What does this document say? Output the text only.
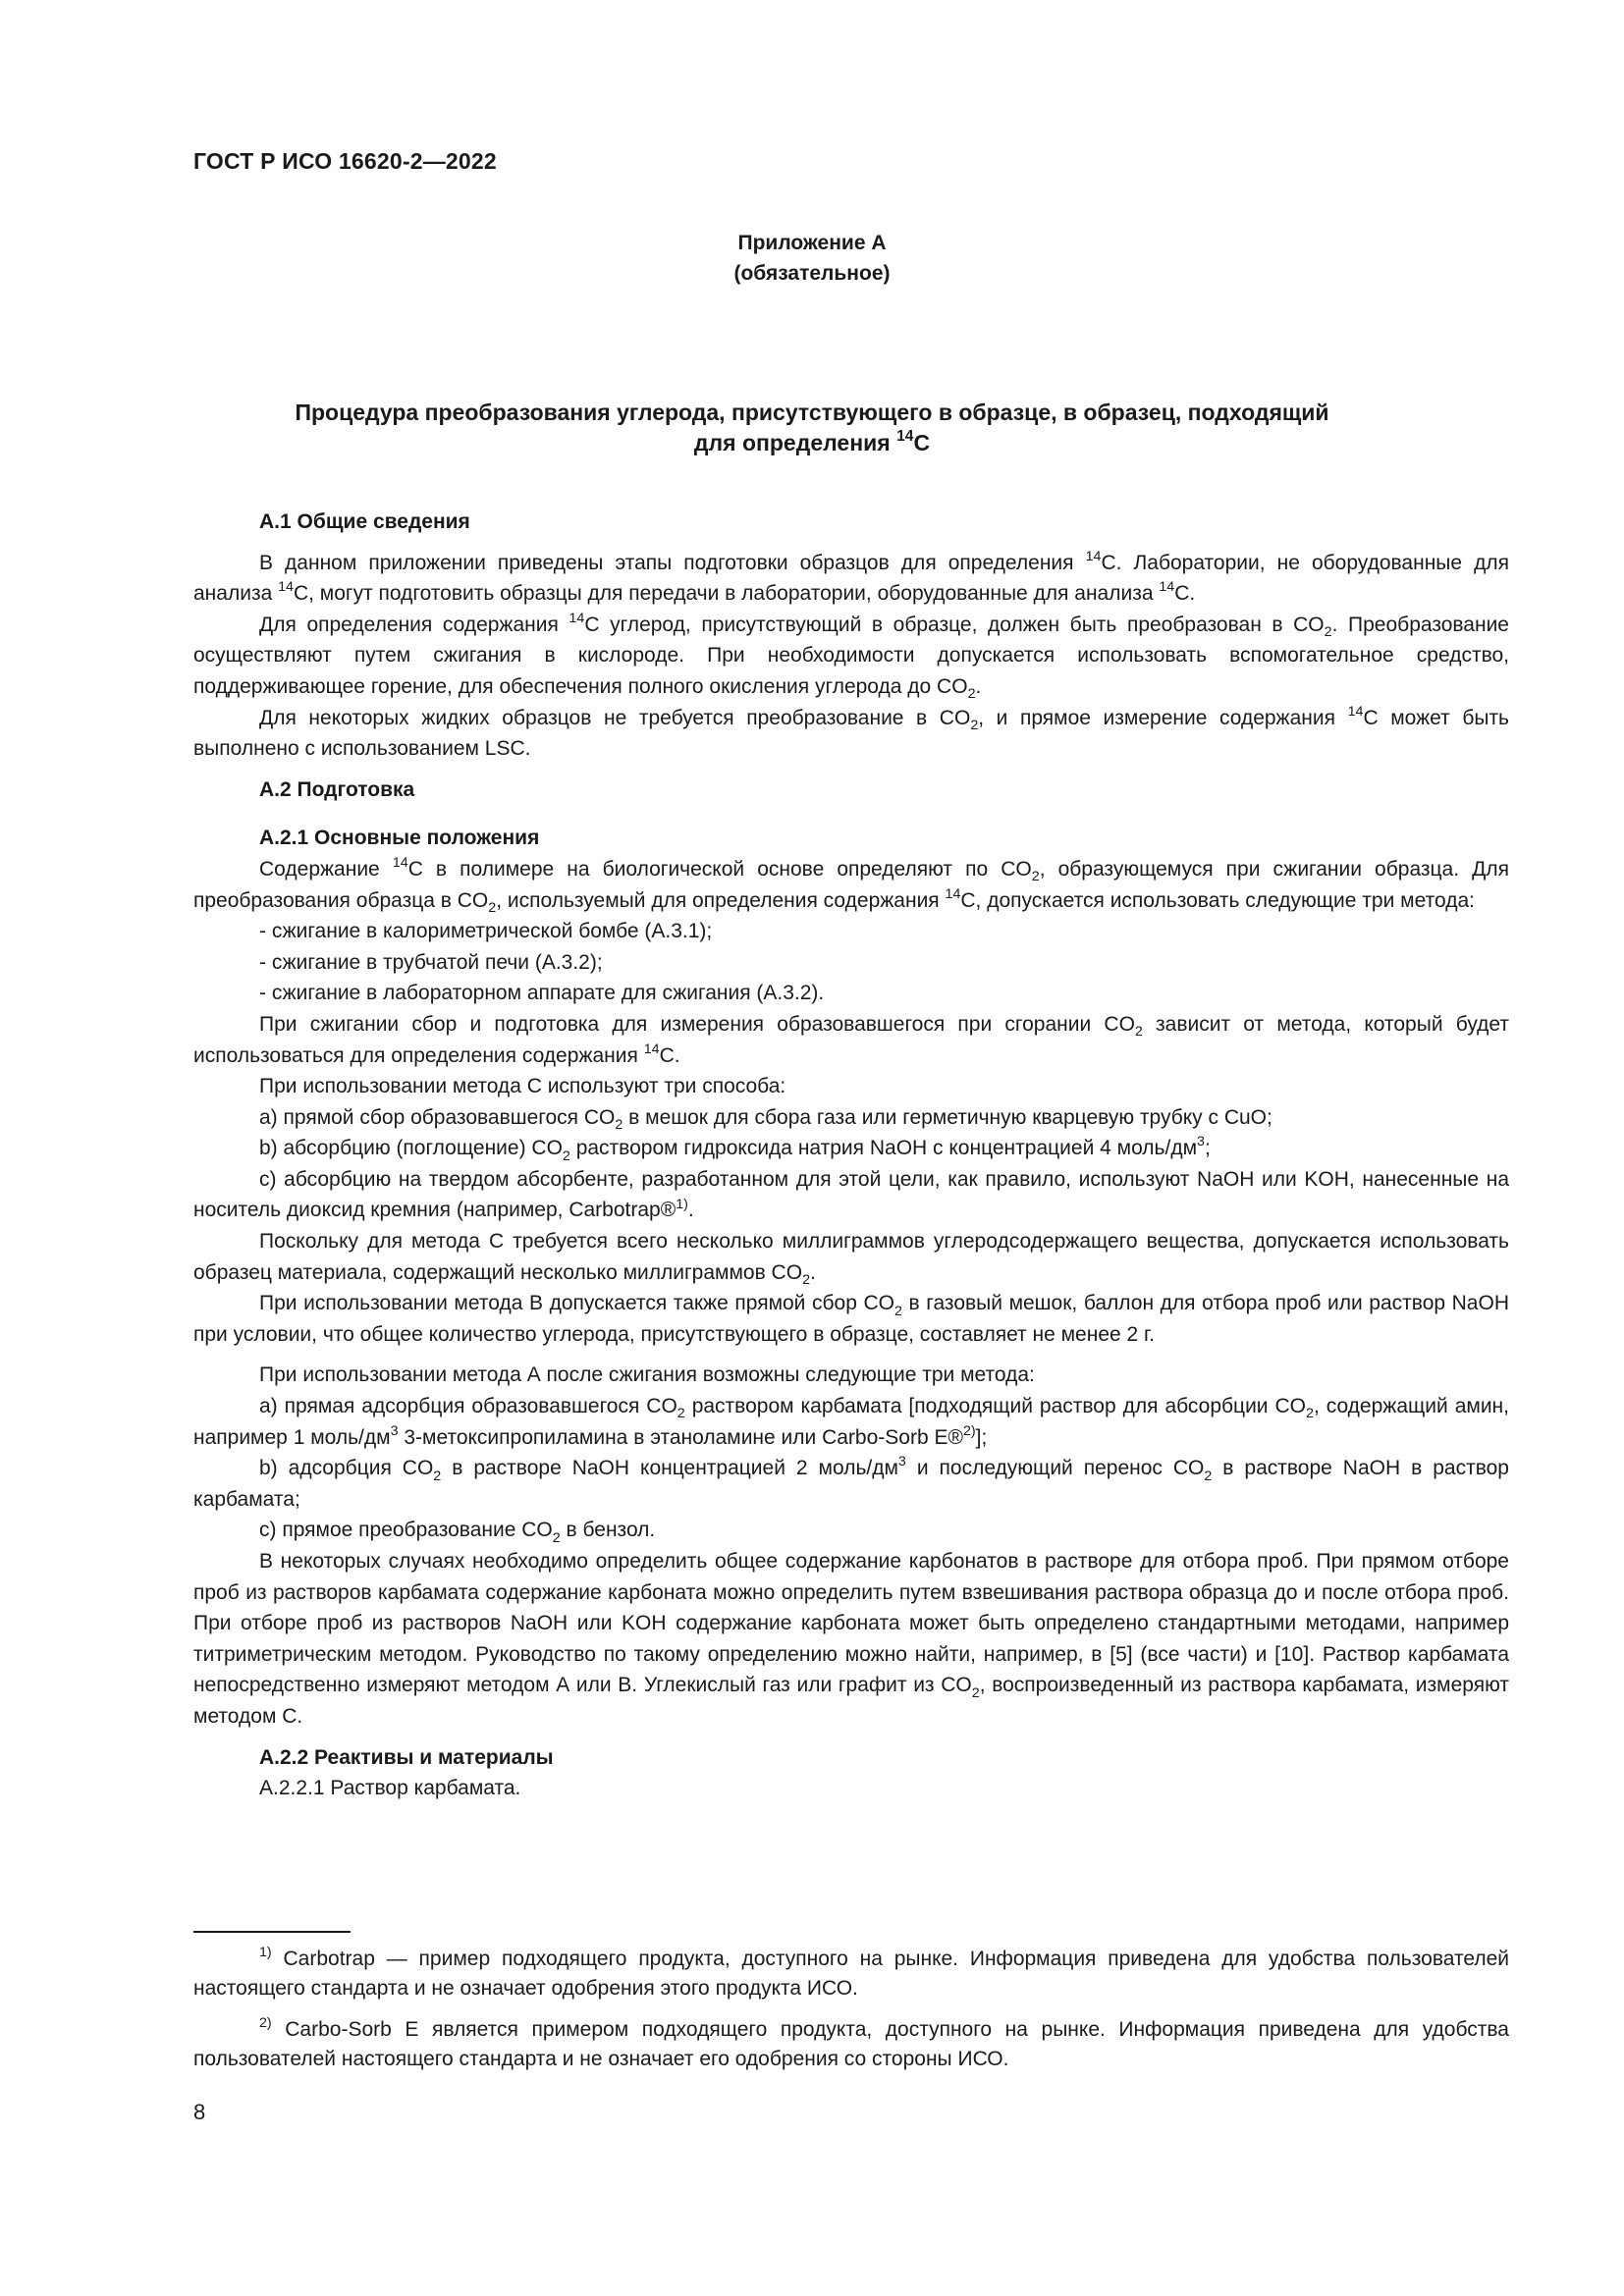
ГОСТ Р ИСО 16620-2—2022
Приложение А
(обязательное)
Процедура преобразования углерода, присутствующего в образце, в образец, подходящий
для определения $^{14}$C

А.1 Общие сведения

В данном приложении приведены этапы подготовки образцов для определения $^{14}$C. Лаборатории, не оборудованные для анализа $^{14}$C, могут подготовить образцы для передачи в лаборатории, оборудованные для анализа $^{14}$C.

Для определения содержания $^{14}$C углерод, присутствующий в образце, должен быть преобразован в $CO_2$. Преобразование осуществляют путем сжигания в кислороде. При необходимости допускается использовать вспомогательное средство, поддерживающее горение, для обеспечения полного окисления углерода до $CO_2$.

Для некоторых жидких образцов не требуется преобразование в $CO_2$, и прямое измерение содержания $^{14}$C может быть выполнено с использованием LSC.

А.2 Подготовка

А.2.1 Основные положения

Содержание $^{14}$C в полимере на биологической основе определяют по $CO_2$, образующемуся при сжигании образца. Для преобразования образца в $CO_2$, используемый для определения содержания $^{14}$C, допускается использовать следующие три метода:

- сжигание в калориметрической бомбе (А.3.1);

- сжигание в трубчатой печи (А.3.2);

- сжигание в лабораторном аппарате для сжигания (А.3.2).

При сжигании сбор и подготовка для измерения образовавшегося при сгорании $CO_2$ зависит от метода, который будет использоваться для определения содержания $^{14}$C.

При использовании метода C используют три способа:

a) прямой сбор образовавшегося $CO_2$ в мешок для сбора газа или герметичную кварцевую трубку с CuO;

b) абсорбцию (поглощение) $CO_2$ раствором гидроксида натрия NaOH с концентрацией 4 моль/$дм^3$;

c) абсорбцию на твердом абсорбенте, разработанном для этой цели, как правило, используют NaOH или KOH, нанесенные на носитель диоксид кремния (например, Carbotrap®$^{1)}$.

Поскольку для метода C требуется всего несколько миллиграммов углеродсодержащего вещества, допускается использовать образец материала, содержащий несколько миллиграммов $CO_2$.

При использовании метода B допускается также прямой сбор $CO_2$ в газовый мешок, баллон для отбора проб или раствор NaOH при условии, что общее количество углерода, присутствующего в образце, составляет не менее 2 г.

При использовании метода А после сжигания возможны следующие три метода:

a) прямая адсорбция образовавшегося $CO_2$ раствором карбамата [подходящий раствор для абсорбции $CO_2$, содержащий амин, например 1 моль/$дм^3$ 3-метоксипропиламина в этаноламине или Carbo-Sorb E®$^{2)}$];

b) адсорбция $CO_2$ в растворе NaOH концентрацией 2 моль/$дм^3$ и последующий перенос $CO_2$ в растворе NaOH в раствор карбамата;

c) прямое преобразование $CO_2$ в бензол.

В некоторых случаях необходимо определить общее содержание карбонатов в растворе для отбора проб. При прямом отборе проб из растворов карбамата содержание карбоната можно определить путем взвешивания раствора образца до и после отбора проб. При отборе проб из растворов NaOH или KOH содержание карбоната может быть определено стандартными методами, например титриметрическим методом. Руководство по такому определению можно найти, например, в [5] (все части) и [10]. Раствор карбамата непосредственно измеряют методом А или B. Углекислый газ или графит из $CO_2$, воспроизведенный из раствора карбамата, измеряют методом C.

А.2.2 Реактивы и материалы

А.2.2.1 Раствор карбамата.

$^{1)}$ Carbotrap — пример подходящего продукта, доступного на рынке. Информация приведена для удобства пользователей настоящего стандарта и не означает одобрения этого продукта ИСО.

$^{2)}$ Carbo-Sorb E является примером подходящего продукта, доступного на рынке. Информация приведена для удобства пользователей настоящего стандарта и не означает его одобрения со стороны ИСО.

8
